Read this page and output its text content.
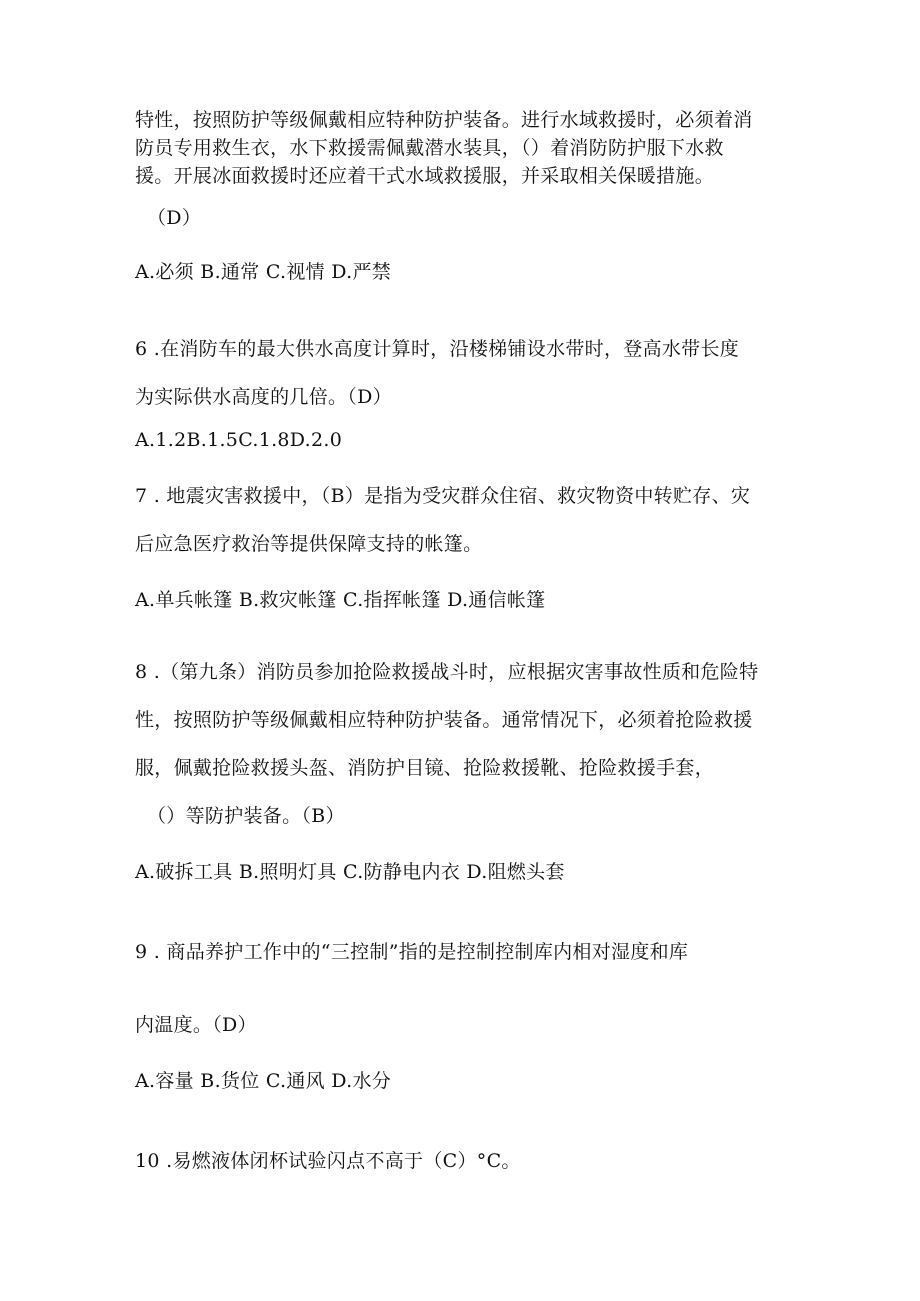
特性，按照防护等级佩戴相应特种防护装备。进行水域救援时，必须着消
防员专用救生衣，水下救援需佩戴潜水装具，（）着消防防护服下水救
援。开展冰面救援时还应着干式水域救援服，并采取相关保暖措施。
（D）
A.必须 B.通常 C.视情 D.严禁
6 .在消防车的最大供水高度计算时，沿楼梯铺设水带时，登高水带长度
为实际供水高度的几倍。（D）
A.1.2B.1.5C.1.8D.2.0
7 . 地震灾害救援中，（B）是指为受灾群众住宿、救灾物资中转贮存、灾
后应急医疗救治等提供保障支持的帐篷。
A.单兵帐篷 B.救灾帐篷 C.指挥帐篷 D.通信帐篷
8 .（第九条）消防员参加抢险救援战斗时，应根据灾害事故性质和危险特
性，按照防护等级佩戴相应特种防护装备。通常情况下，必须着抢险救援
服，佩戴抢险救援头盔、消防护目镜、抢险救援靴、抢险救援手套，
（）等防护装备。（B）
A.破拆工具 B.照明灯具 C.防静电内衣 D.阻燃头套
9 . 商品养护工作中的“三控制”指的是控制控制库内相对湿度和库
内温度。（D）
A.容量 B.货位 C.通风 D.水分
10 .易燃液体闭杯试验闪点不高于（C）°C。
